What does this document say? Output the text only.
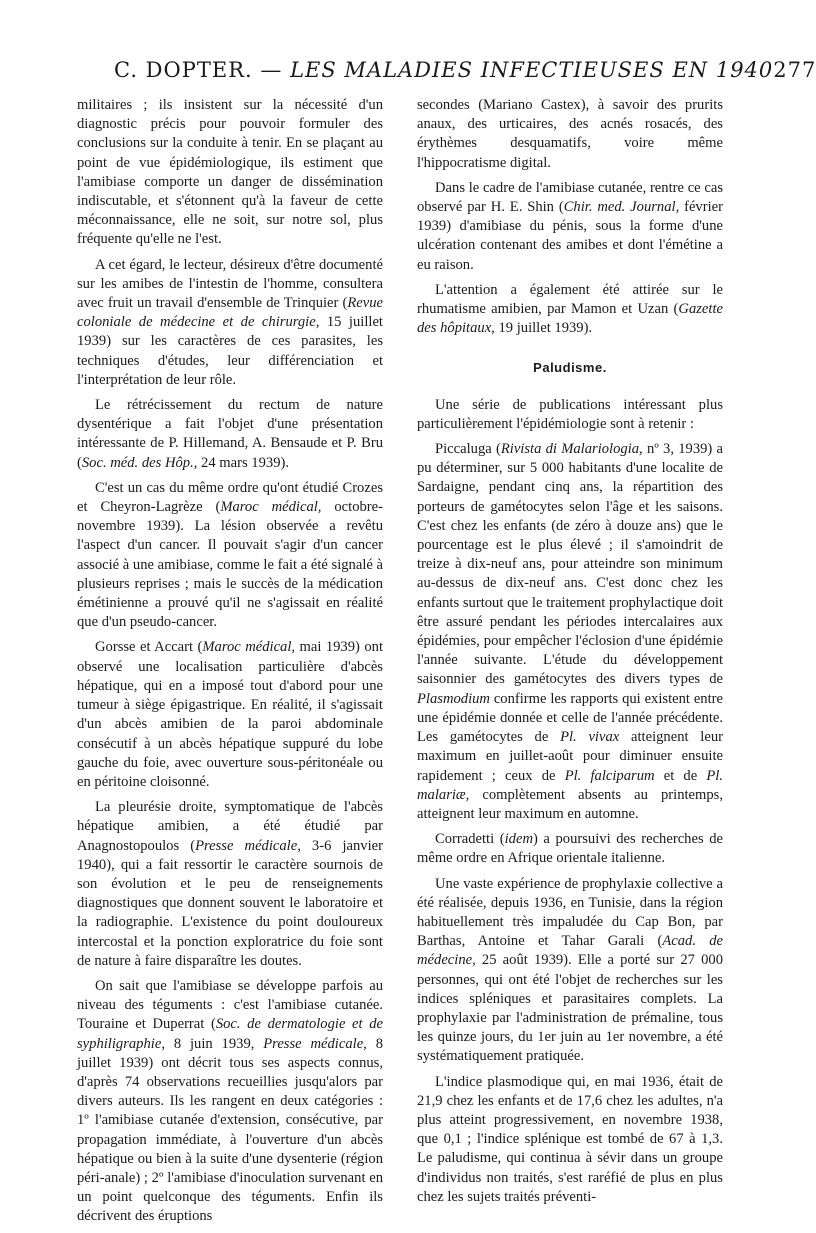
C. DOPTER. — LES MALADIES INFECTIEUSES EN 1940 277

militaires ; ils insistent sur la nécessité d'un diagnostic précis pour pouvoir formuler des conclusions sur la conduite à tenir. En se plaçant au point de vue épidémiologique, ils estiment que l'amibiase comporte un danger de dissémination indiscutable, et s'étonnent qu'à la faveur de cette méconnaissance, elle ne soit, sur notre sol, plus fréquente qu'elle ne l'est.

A cet égard, le lecteur, désireux d'être documenté sur les amibes de l'intestin de l'homme, consultera avec fruit un travail d'ensemble de Trinquier (Revue coloniale de médecine et de chirurgie, 15 juillet 1939) sur les caractères de ces parasites, les techniques d'études, leur différenciation et l'interprétation de leur rôle.

Le rétrécissement du rectum de nature dysentérique a fait l'objet d'une présentation intéressante de P. Hillemand, A. Bensaude et P. Bru (Soc. méd. des Hôp., 24 mars 1939).

C'est un cas du même ordre qu'ont étudié Crozes et Cheyron-Lagrèze (Maroc médical, octobre-novembre 1939). La lésion observée a revêtu l'aspect d'un cancer. Il pouvait s'agir d'un cancer associé à une amibiase, comme le fait a été signalé à plusieurs reprises ; mais le succès de la médication émétinienne a prouvé qu'il ne s'agissait en réalité que d'un pseudo-cancer.

Gorsse et Accart (Maroc médical, mai 1939) ont observé une localisation particulière d'abcès hépatique, qui en a imposé tout d'abord pour une tumeur à siège épigastrique. En réalité, il s'agissait d'un abcès amibien de la paroi abdominale consécutif à un abcès hépatique suppuré du lobe gauche du foie, avec ouverture sous-péritonéale ou en péritoine cloisonné.

La pleurésie droite, symptomatique de l'abcès hépatique amibien, a été étudié par Anagnostopoulos (Presse médicale, 3-6 janvier 1940), qui a fait ressortir le caractère sournois de son évolution et le peu de renseignements diagnostiques que donnent souvent le laboratoire et la radiographie. L'existence du point douloureux intercostal et la ponction exploratrice du foie sont de nature à faire disparaître les doutes.

On sait que l'amibiase se développe parfois au niveau des téguments : c'est l'amibiase cutanée. Touraine et Duperrat (Soc. de dermatologie et de syphiligraphie, 8 juin 1939, Presse médicale, 8 juillet 1939) ont décrit tous ses aspects connus, d'après 74 observations recueillies jusqu'alors par divers auteurs. Ils les rangent en deux catégories : 1º l'amibiase cutanée d'extension, consécutive, par propagation immédiate, à l'ouverture d'un abcès hépatique ou bien à la suite d'une dysenterie (région péri-anale) ; 2º l'amibiase d'inoculation survenant en un point quelconque des téguments. Enfin ils décrivent des éruptions

secondes (Mariano Castex), à savoir des prurits anaux, des urticaires, des acnés rosacés, des érythèmes desquamatifs, voire même l'hippocratisme digital.

Dans le cadre de l'amibiase cutanée, rentre ce cas observé par H. E. Shin (Chir. med. Journal, février 1939) d'amibiase du pénis, sous la forme d'une ulcération contenant des amibes et dont l'émétine a eu raison.

L'attention a également été attirée sur le rhumatisme amibien, par Mamon et Uzan (Gazette des hôpitaux, 19 juillet 1939).

Paludisme.

Une série de publications intéressant plus particulièrement l'épidémiologie sont à retenir :

Piccaluga (Rivista di Malariologia, nº 3, 1939) a pu déterminer, sur 5 000 habitants d'une localite de Sardaigne, pendant cinq ans, la répartition des porteurs de gamétocytes selon l'âge et les saisons. C'est chez les enfants (de zéro à douze ans) que le pourcentage est le plus élevé ; il s'amoindrit de treize à dix-neuf ans, pour atteindre son minimum au-dessus de dix-neuf ans. C'est donc chez les enfants surtout que le traitement prophylactique doit être assuré pendant les périodes intercalaires aux épidémies, pour empêcher l'éclosion d'une épidémie l'année suivante. L'étude du développement saisonnier des gamétocytes des divers types de Plasmodium confirme les rapports qui existent entre une épidémie donnée et celle de l'année précédente. Les gamétocytes de Pl. vivax atteignent leur maximum en juillet-août pour diminuer ensuite rapidement ; ceux de Pl. falciparum et de Pl. malariæ, complètement absents au printemps, atteignent leur maximum en automne.

Corradetti (idem) a poursuivi des recherches de même ordre en Afrique orientale italienne.

Une vaste expérience de prophylaxie collective a été réalisée, depuis 1936, en Tunisie, dans la région habituellement très impaludée du Cap Bon, par Barthas, Antoine et Tahar Garali (Acad. de médecine, 25 août 1939). Elle a porté sur 27 000 personnes, qui ont été l'objet de recherches sur les indices spléniques et parasitaires complets. La prophylaxie par l'administration de prémaline, tous les quinze jours, du 1er juin au 1er novembre, a été systématiquement pratiquée.

L'indice plasmodique qui, en mai 1936, était de 21,9 chez les enfants et de 17,6 chez les adultes, n'a plus atteint progressivement, en novembre 1938, que 0,1 ; l'indice splénique est tombé de 67 à 1,3. Le paludisme, qui continua à sévir dans un groupe d'individus non traités, s'est raréfié de plus en plus chez les sujets traités préventi-
